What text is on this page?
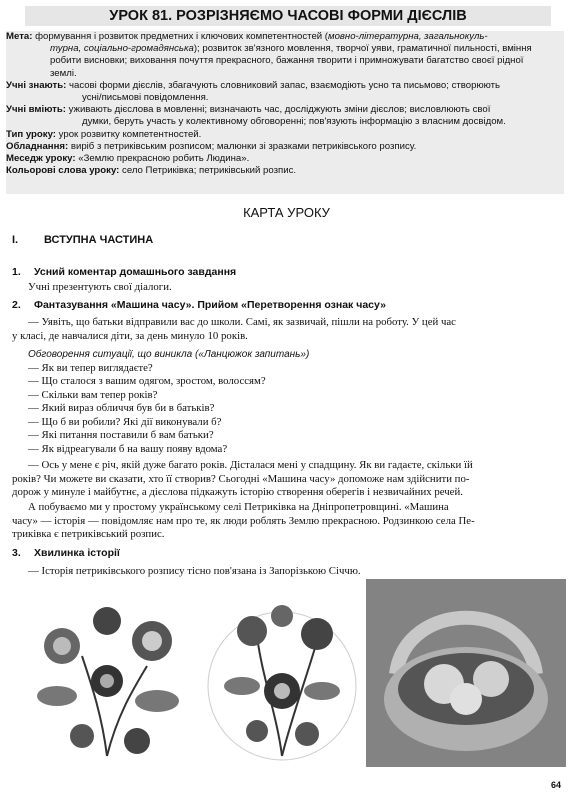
УРОК 81. РОЗРІЗНЯЄМО ЧАСОВІ ФОРМИ ДІЄСЛІВ
Мета: формування і розвиток предметних і ключових компетентностей (мовно-літературна, загальнокуль-
турна, соціально-громадянська); розвиток зв'язного мовлення, творчої уяви, граматичної пильності, вміння
робити висновки; виховання почуття прекрасного, бажання творити і примножувати багатство своєї рідної
землі.
Учні знають: часові форми дієслів, збагачують словниковий запас, взаємодіють усно та письмово; створюють
усні/письмові повідомлення.
Учні вміють: уживають дієслова в мовленні; визначають час, досліджують зміни дієслов; висловлюють свої
думки, беруть участь у колективному обговоренні; пов'язують інформацію з власним досвідом.
Тип уроку: урок розвитку компетентностей.
Обладнання: виріб з петриківським розписом; малюнки зі зразками петриківського розпису.
Меседж уроку: «Землю прекрасною робить Людина».
Кольорові слова уроку: село Петриківка; петриківський розпис.
КАРТА УРОКУ
І. ВСТУПНА ЧАСТИНА
1. Усний коментар домашнього завдання
Учні презентують свої діалоги.
2. Фантазування «Машина часу». Прийом «Перетворення ознак часу»
— Уявіть, що батьки відправили вас до школи. Самі, як зазвичай, пішли на роботу. У цей час
у класі, де навчалися діти, за день минуло 10 років.
Обговорення ситуації, що виникла («Ланцюжок запитань»)
— Як ви тепер виглядаєте?
— Що сталося з вашим одягом, зростом, волоссям?
— Скільки вам тепер років?
— Який вираз обличчя був би в батьків?
— Що б ви робили? Які дії виконували б?
— Які питання поставили б вам батьки?
— Як відреагували б на вашу появу вдома?
— Ось у мене є річ, якій дуже багато років. Дісталася мені у спадщину. Як ви гадаєте, скільки їй
років? Чи можете ви сказати, хто її створив? Сьогодні «Машина часу» допоможе нам здійснити по-
дорож у минуле і майбутнє, а дієслова підкажуть історію створення оберегів і незвичайних речей.
А побуваємо ми у простому українському селі Петриківка на Дніпропетровщині. «Машина
часу» — історія — повідомляє нам про те, як люди роблять Землю прекрасною. Родзинкою села Пе-
триківка є петриківський розпис.
3. Хвилинка історії
— Історія петриківського розпису тісно пов'язана із Запорізькою Січчю.
64
